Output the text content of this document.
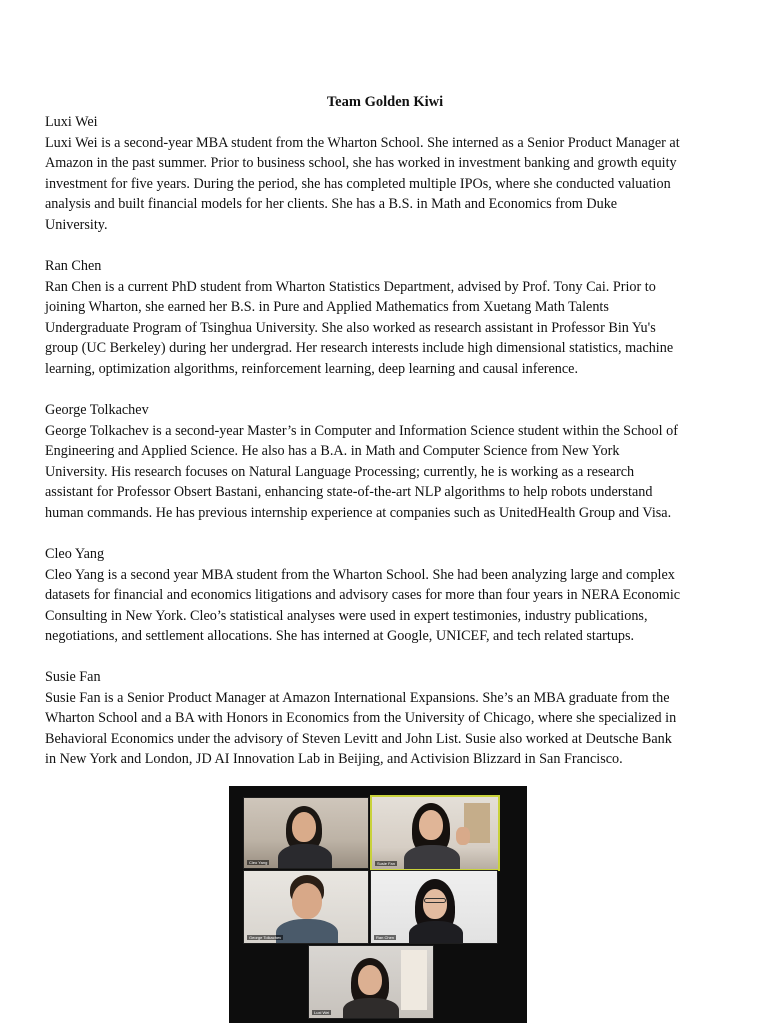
Team Golden Kiwi

Luxi Wei

Luxi Wei is a second-year MBA student from the Wharton School. She interned as a Senior Product Manager at

Amazon in the past summer. Prior to business school, she has worked in investment banking and growth equity

investment for five years. During the period, she has completed multiple IPOs, where she conducted valuation

analysis and built financial models for her clients. She has a B.S. in Math and Economics from Duke

University.

Ran Chen

Ran Chen is a current PhD student from Wharton Statistics Department, advised by Prof. Tony Cai. Prior to

joining Wharton, she earned her B.S. in Pure and Applied Mathematics from Xuetang Math Talents

Undergraduate Program of Tsinghua University. She also worked as research assistant in Professor Bin Yu's

group (UC Berkeley) during her undergrad. Her research interests include high dimensional statistics, machine

learning, optimization algorithms, reinforcement learning, deep learning and causal inference.

George Tolkachev

George Tolkachev is a second-year Master’s in Computer and Information Science student within the School of

Engineering and Applied Science. He also has a B.A. in Math and Computer Science from New York

University. His research focuses on Natural Language Processing; currently, he is working as a research

assistant for Professor Obsert Bastani, enhancing state-of-the-art NLP algorithms to help robots understand

human commands. He has previous internship experience at companies such as UnitedHealth Group and Visa.

Cleo Yang

Cleo Yang is a second year MBA student from the Wharton School. She had been analyzing large and complex

datasets for financial and economics litigations and advisory cases for more than four years in NERA Economic

Consulting in New York. Cleo’s statistical analyses were used in expert testimonies, industry publications,

negotiations, and settlement allocations. She has interned at Google, UNICEF, and tech related startups.

Susie Fan

Susie Fan is a Senior Product Manager at Amazon International Expansions. She’s an MBA graduate from the

Wharton School and a BA with Honors in Economics from the University of Chicago, where she specialized in

Behavioral Economics under the advisory of Steven Levitt and John List. Susie also worked at Deutsche Bank

in New York and London, JD AI Innovation Lab in Beijing, and Activision Blizzard in San Francisco.

Cleo Yang	Susie Fan
George Tolkachev	Ran Chen
Luxi Wei
